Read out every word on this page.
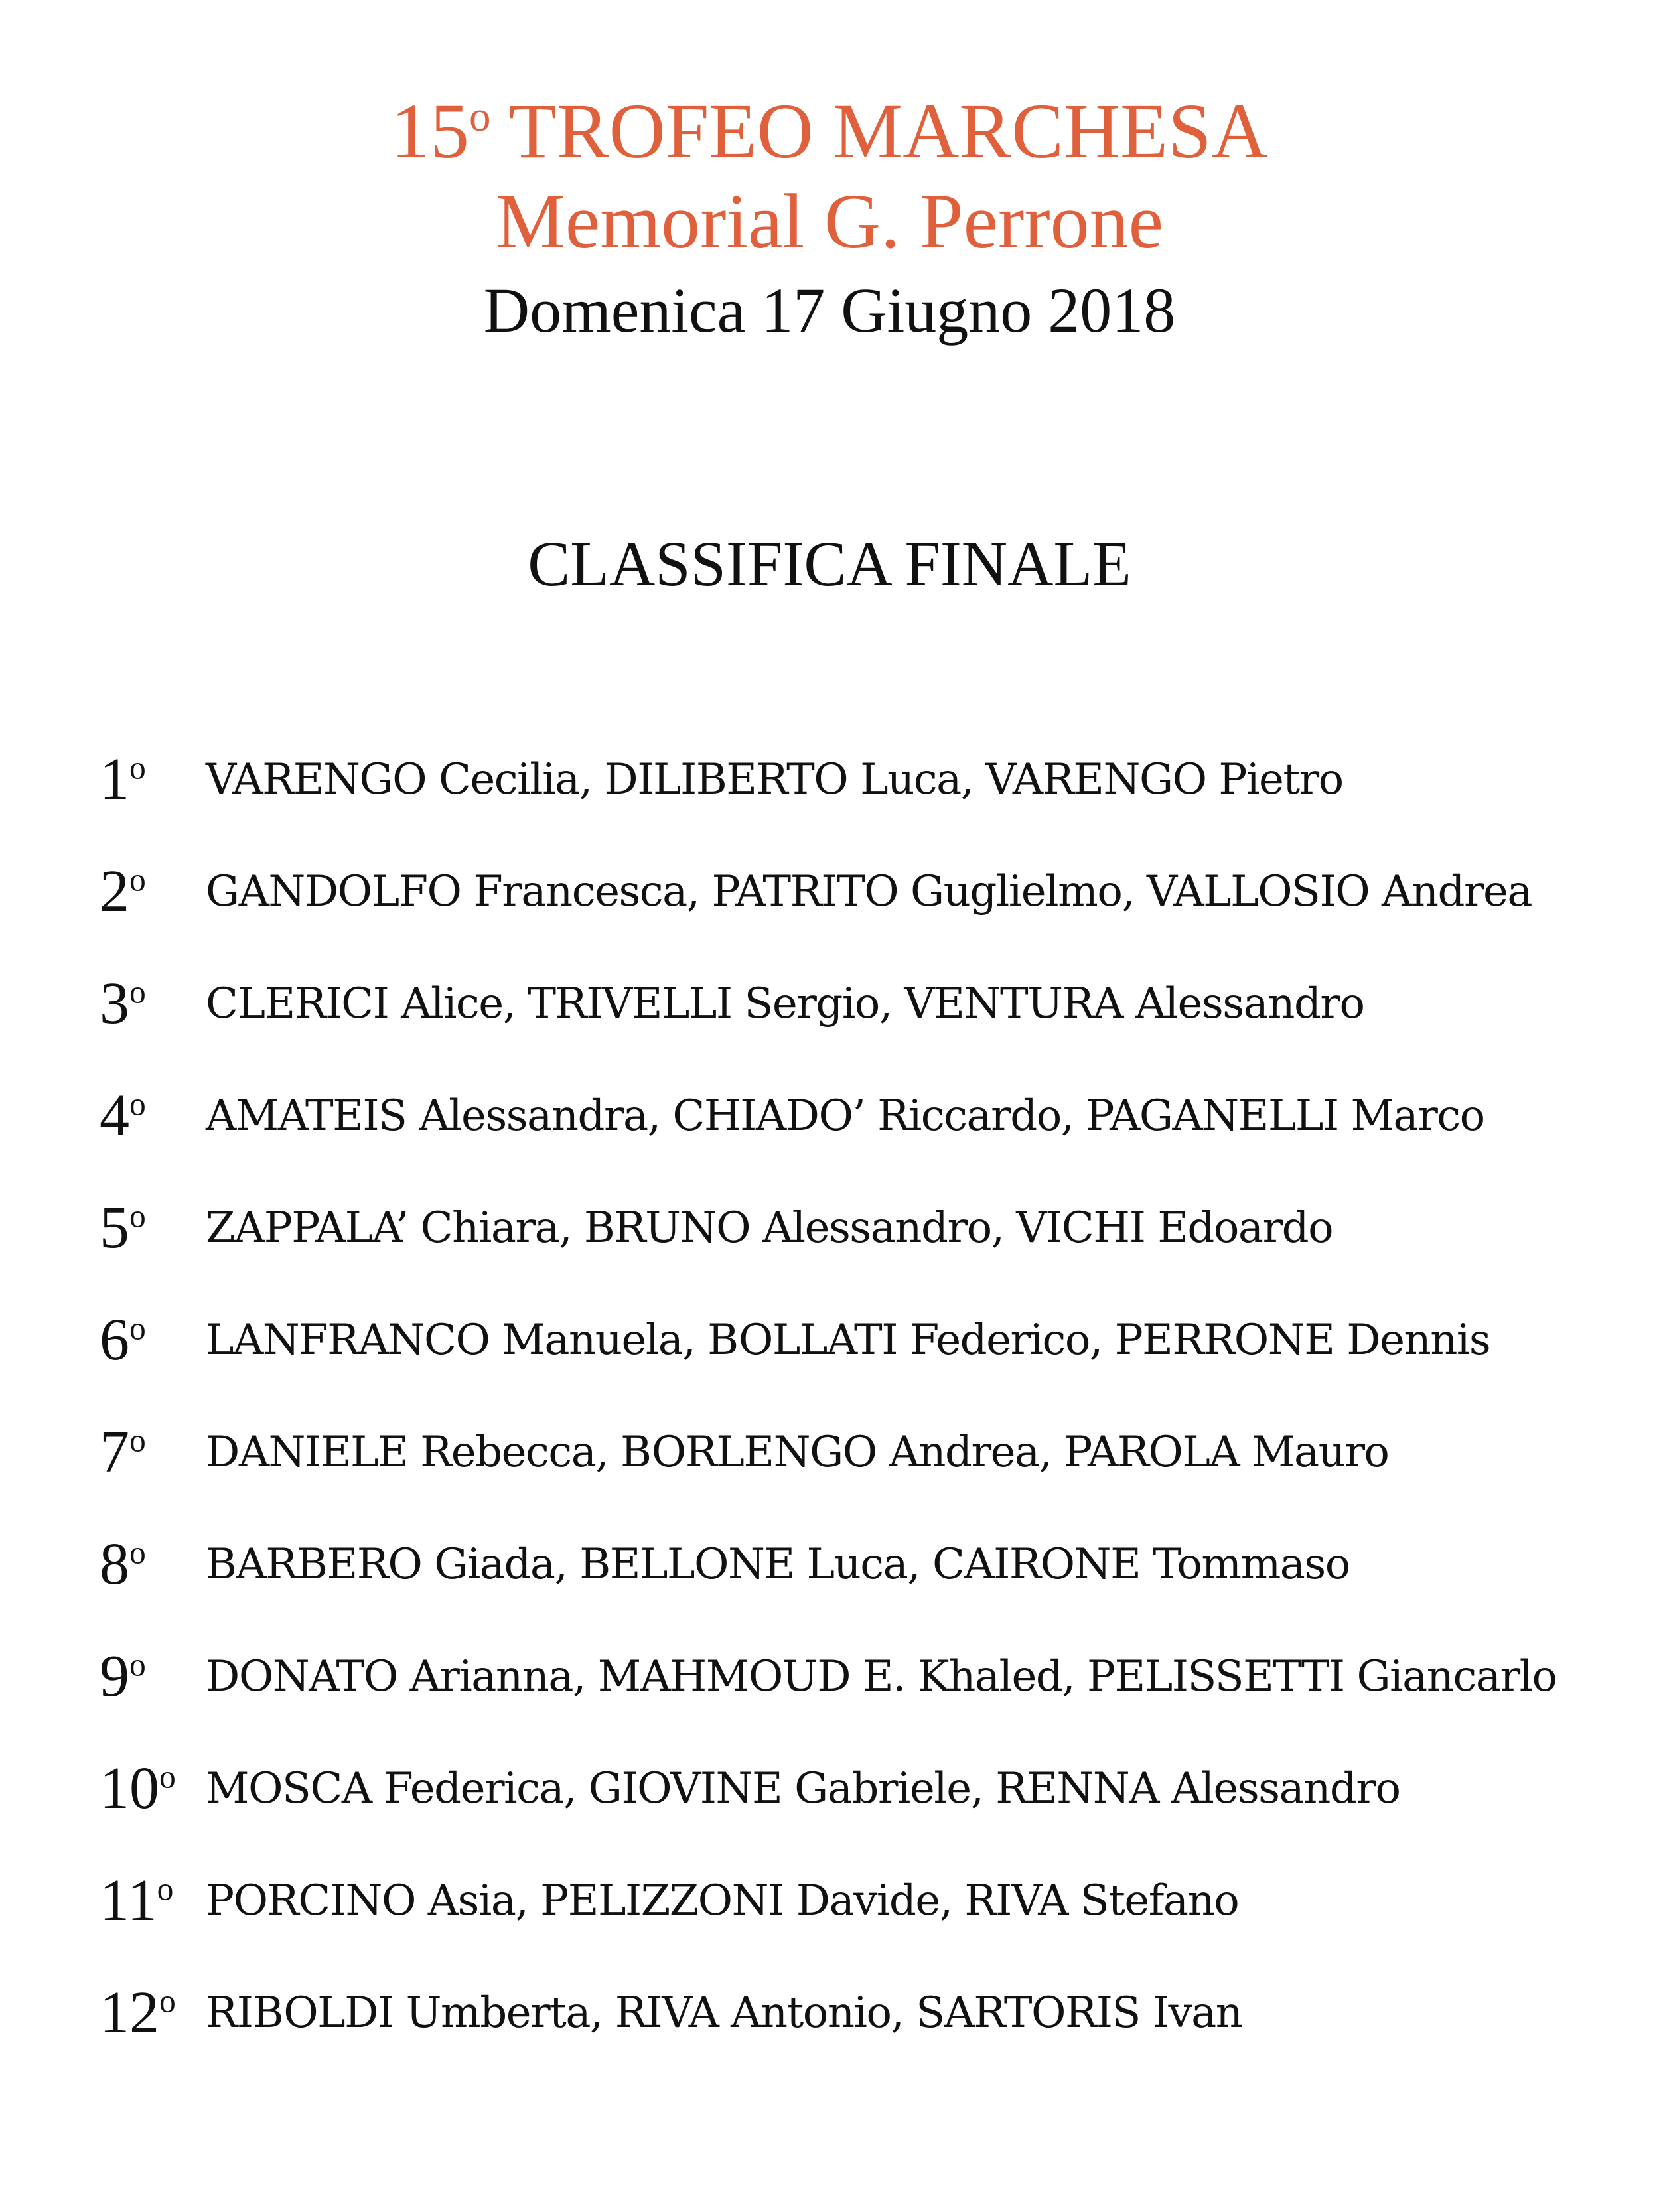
15$^o$ TROFEO MARCHESA
Memorial G. Perrone
Domenica 17 Giugno 2018
CLASSIFICA FINALE
1$^o$	VARENGO Cecilia, DILIBERTO Luca, VARENGO Pietro
2$^o$	GANDOLFO Francesca, PATRITO Guglielmo, VALLOSIO Andrea
3$^o$	CLERICI Alice, TRIVELLI Sergio, VENTURA Alessandro
4$^o$	AMATEIS Alessandra, CHIADO’ Riccardo, PAGANELLI Marco
5$^o$	ZAPPALA’ Chiara, BRUNO Alessandro, VICHI Edoardo
6$^o$	LANFRANCO Manuela, BOLLATI Federico, PERRONE Dennis
7$^o$	DANIELE Rebecca, BORLENGO Andrea, PAROLA Mauro
8$^o$	BARBERO Giada, BELLONE Luca, CAIRONE Tommaso
9$^o$	DONATO Arianna, MAHMOUD E. Khaled, PELISSETTI Giancarlo
10$^o$ MOSCA Federica, GIOVINE Gabriele, RENNA Alessandro
11$^o$ PORCINO Asia, PELIZZONI Davide, RIVA Stefano
12$^o$ RIBOLDI Umberta, RIVA Antonio, SARTORIS Ivan
